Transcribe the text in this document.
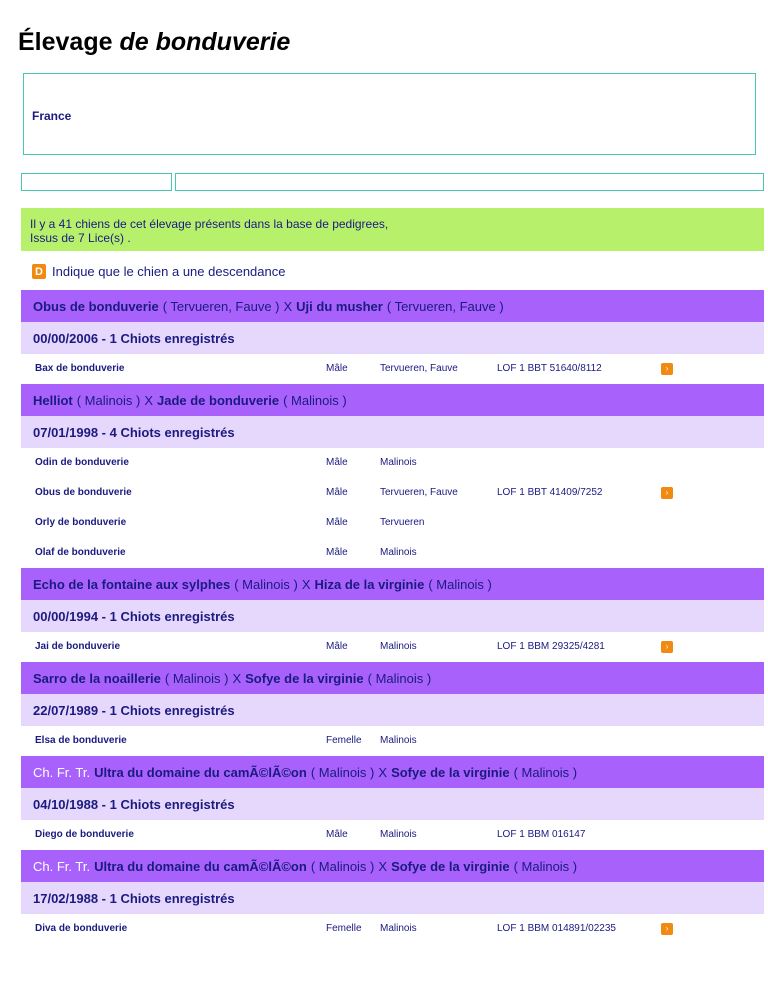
Élevage de bonduverie
France
Il y a 41 chiens de cet élevage présents dans la base de pedigrees,
Issus de 7 Lice(s) .
D Indique que le chien a une descendance
Obus de bonduverie ( Tervueren, Fauve ) X Uji du musher ( Tervueren, Fauve )
00/00/2006 - 1 Chiots enregistrés
Bax de bonduverie	Mâle	Tervueren, Fauve	LOF 1 BBT 51640/8112	›
Helliot ( Malinois ) X Jade de bonduverie ( Malinois )
07/01/1998 - 4 Chiots enregistrés
Odin de bonduverie	Mâle	Malinois
Obus de bonduverie	Mâle	Tervueren, Fauve	LOF 1 BBT 41409/7252	›
Orly de bonduverie	Mâle	Tervueren
Olaf de bonduverie	Mâle	Malinois
Echo de la fontaine aux sylphes ( Malinois ) X Hiza de la virginie ( Malinois )
00/00/1994 - 1 Chiots enregistrés
Jai de bonduverie	Mâle	Malinois	LOF 1 BBM 29325/4281	›
Sarro de la noaillerie ( Malinois ) X Sofye de la virginie ( Malinois )
22/07/1989 - 1 Chiots enregistrés
Elsa de bonduverie	Femelle Malinois
Ch. Fr. Tr. Ultra du domaine du camÃ©lÃ©on ( Malinois ) X Sofye de la virginie ( Malinois )
04/10/1988 - 1 Chiots enregistrés
Diego de bonduverie	Mâle	Malinois	LOF 1 BBM 016147
Ch. Fr. Tr. Ultra du domaine du camÃ©lÃ©on ( Malinois ) X Sofye de la virginie ( Malinois )
17/02/1988 - 1 Chiots enregistrés
Diva de bonduverie	Femelle Malinois	LOF 1 BBM 014891/02235	›
